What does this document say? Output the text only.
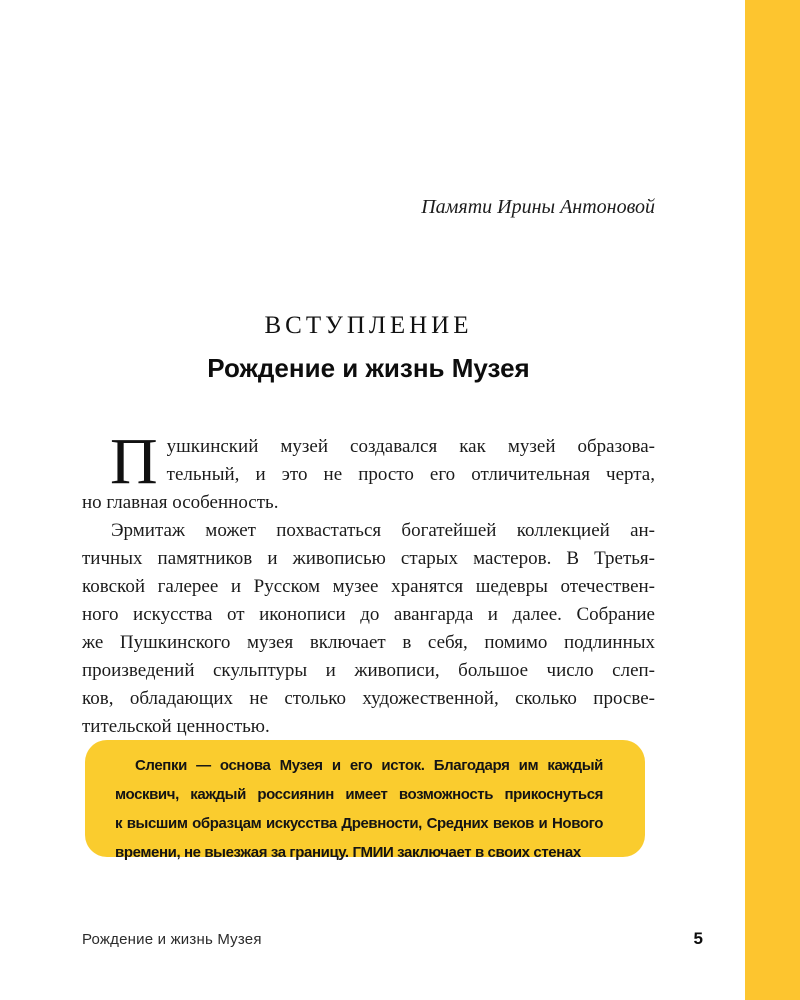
Памяти Ирины Антоновой
ВСТУПЛЕНИЕ
Рождение и жизнь Музея
П ушкинский музей создавался как музей образова-
тельный, и это не просто его отличительная черта,
но главная особенность.
Эрмитаж может похвастаться богатейшей коллекцией ан-
тичных памятников и живописью старых мастеров. В Третья-
ковской галерее и Русском музее хранятся шедевры отечествен-
ного искусства от иконописи до авангарда и далее. Собрание
же Пушкинского музея включает в себя, помимо подлинных
произведений скульптуры и живописи, большое число слеп-
ков, обладающих не столько художественной, сколько просве-
тительской ценностью.
Слепки — основа Музея и его исток. Благодаря им каждый
москвич, каждый россиянин имеет возможность прикоснуться
к высшим образцам искусства Древности, Средних веков и Нового
времени, не выезжая за границу. ГМИИ заключает в своих стенах
Рождение и жизнь Музея	5
